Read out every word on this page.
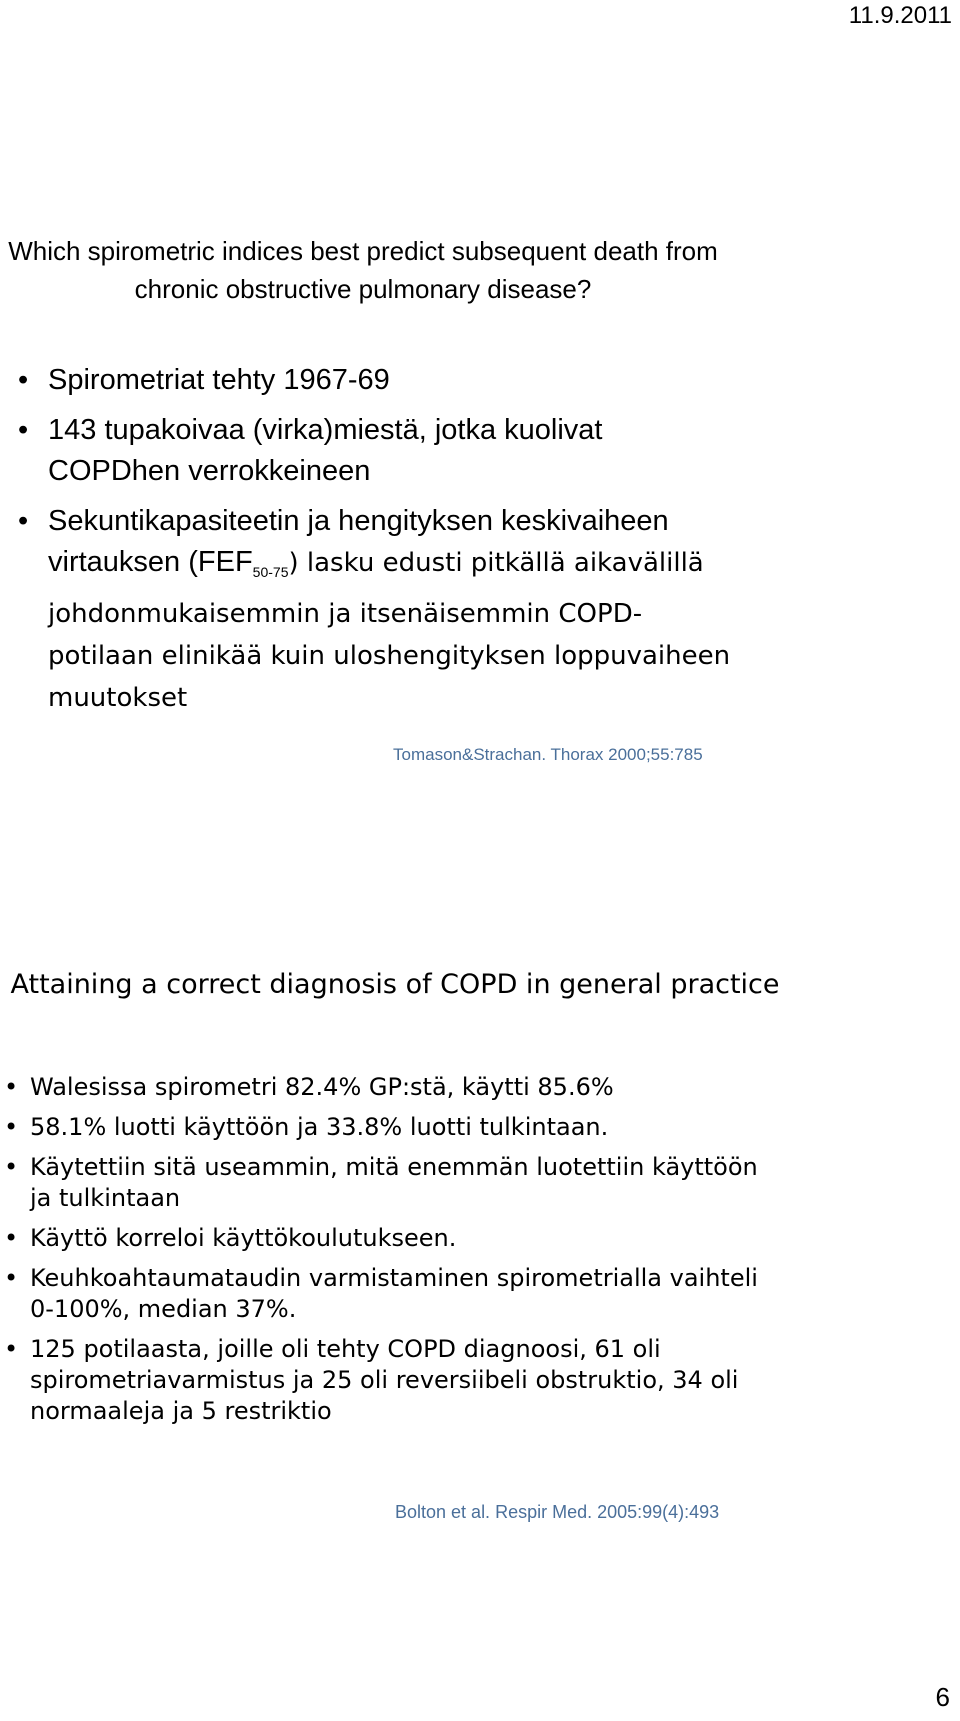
11.9.2011
Which spirometric indices best predict subsequent death from chronic obstructive pulmonary disease?
• Spirometriat tehty 1967-69
• 143 tupakoivaa (virka)miestä, jotka kuolivat COPDhen verrokkeineen
• Sekuntikapasiteetin ja hengityksen keskivaiheen virtauksen $(FEF_{50-75})$ lasku edusti pitkällä aikavälillä johdonmukaisemmin ja itsenäisemmin COPD-potilaan elinikää kuin uloshengityksen loppuvaiheen muutokset
Tomason&Strachan. Thorax 2000;55:785
Attaining a correct diagnosis of COPD in general practice
• Walesissa spirometri 82.4% GP:stä, käytti 85.6%
• 58.1% luotti käyttöön ja 33.8% luotti tulkintaan.
• Käytettiin sitä useammin, mitä enemmän luotettiin käyttöön ja tulkintaan
• Käyttö korreloi käyttökoulutukseen.
• Keuhkoahtaumataudin varmistaminen spirometrialla vaihteli 0-100%, median 37%.
• 125 potilaasta, joille oli tehty COPD diagnoosi, 61 oli spirometriavarmistus ja 25 oli reversiibeli obstruktio, 34 oli normaaleja ja 5 restriktio
Bolton et al. Respir Med. 2005:99(4):493
6
